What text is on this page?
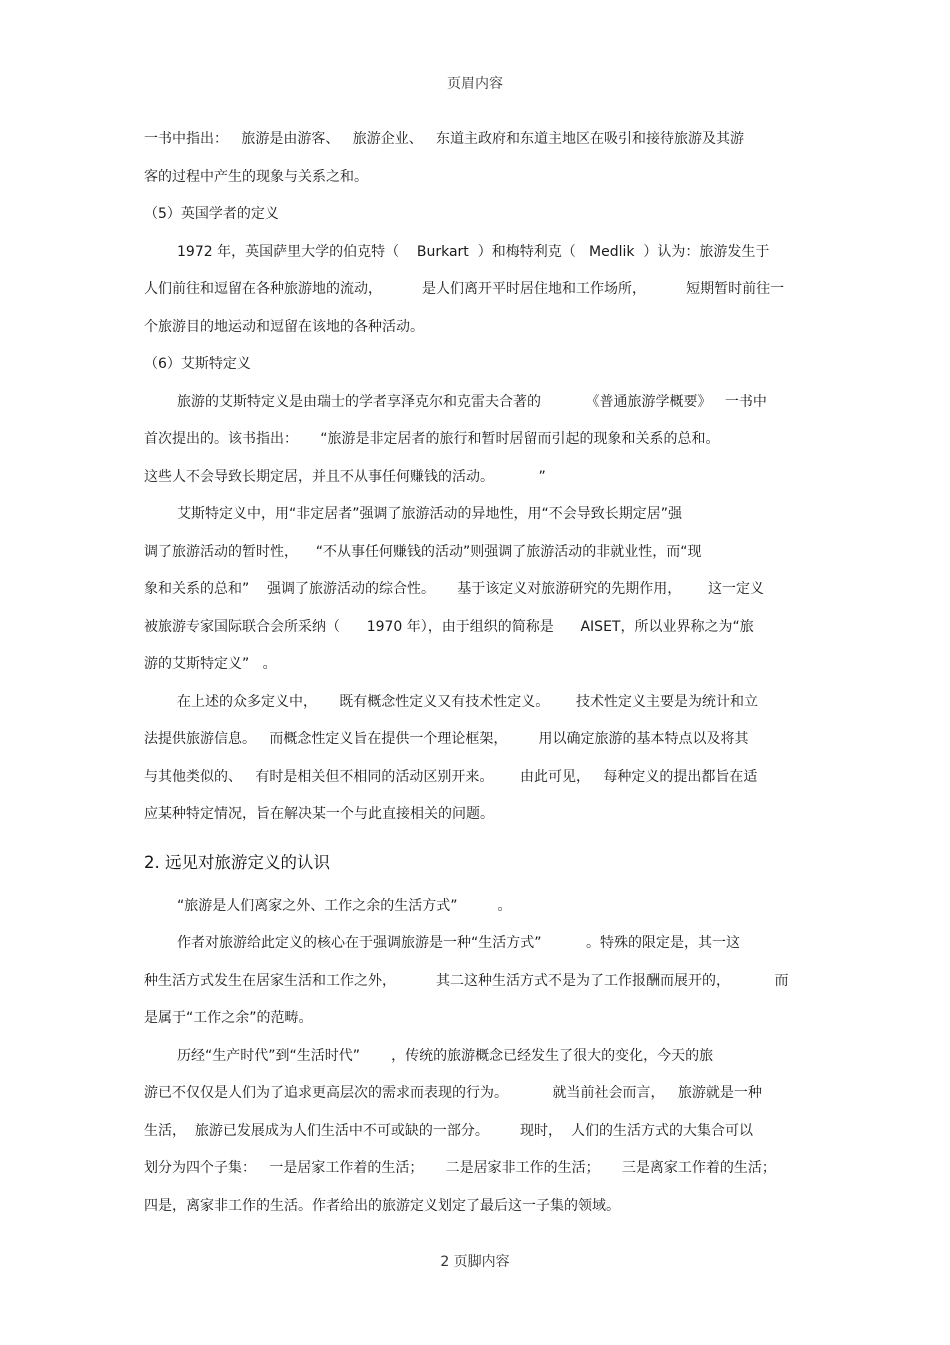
页眉内容
一书中指出：   旅游是由游客、   旅游企业、   东道主政府和东道主地区在吸引和接待旅游及其游
客的过程中产生的现象与关系之和。
（5）英国学者的定义
1972 年，英国萨里大学的伯克特（    Burkart  ）和梅特利克（   Medlik  ）认为：旅游发生于
人们前往和逗留在各种旅游地的流动，         是人们离开平时居住地和工作场所，         短期暂时前往一
个旅游目的地运动和逗留在该地的各种活动。
（6）艾斯特定义
旅游的艾斯特定义是由瑞士的学者享泽克尔和克雷夫合著的          《普通旅游学概要》   一书中
首次提出的。该书指出：     “旅游是非定居者的旅行和暂时居留而引起的现象和关系的总和。
这些人不会导致长期定居，并且不从事任何赚钱的活动。          ”
艾斯特定义中，用“非定居者”强调了旅游活动的异地性，用“不会导致长期定居”强
调了旅游活动的暂时性，    “不从事任何赚钱的活动”则强调了旅游活动的非就业性，而“现
象和关系的总和”    强调了旅游活动的综合性。     基于该定义对旅游研究的先期作用，      这一定义
被旅游专家国际联合会所采纳（      1970 年），由于组织的简称是      AISET，所以业界称之为“旅
游的艾斯特定义”   。
在上述的众多定义中，     既有概念性定义又有技术性定义。      技术性定义主要是为统计和立
法提供旅游信息。   而概念性定义旨在提供一个理论框架，       用以确定旅游的基本特点以及将其
与其他类似的、   有时是相关但不相同的活动区别开来。      由此可见，   每种定义的提出都旨在适
应某种特定情况，旨在解决某一个与此直接相关的问题。
2. 远见对旅游定义的认识
“旅游是人们离家之外、工作之余的生活方式”         。
作者对旅游给此定义的核心在于强调旅游是一种“生活方式”          。特殊的限定是，其一这
种生活方式发生在居家生活和工作之外，         其二这种生活方式不是为了工作报酬而展开的，          而
是属于“工作之余”的范畴。
历经“生产时代”到“生活时代”       ，传统的旅游概念已经发生了很大的变化，今天的旅
游已不仅仅是人们为了追求更高层次的需求而表现的行为。          就当前社会而言，   旅游就是一种
生活，  旅游已发展成为人们生活中不可或缺的一部分。       现时，  人们的生活方式的大集合可以
划分为四个子集：   一是居家工作着的生活；     二是居家非工作的生活；     三是离家工作着的生活；
四是，离家非工作的生活。作者给出的旅游定义划定了最后这一子集的领域。
2 页脚内容
